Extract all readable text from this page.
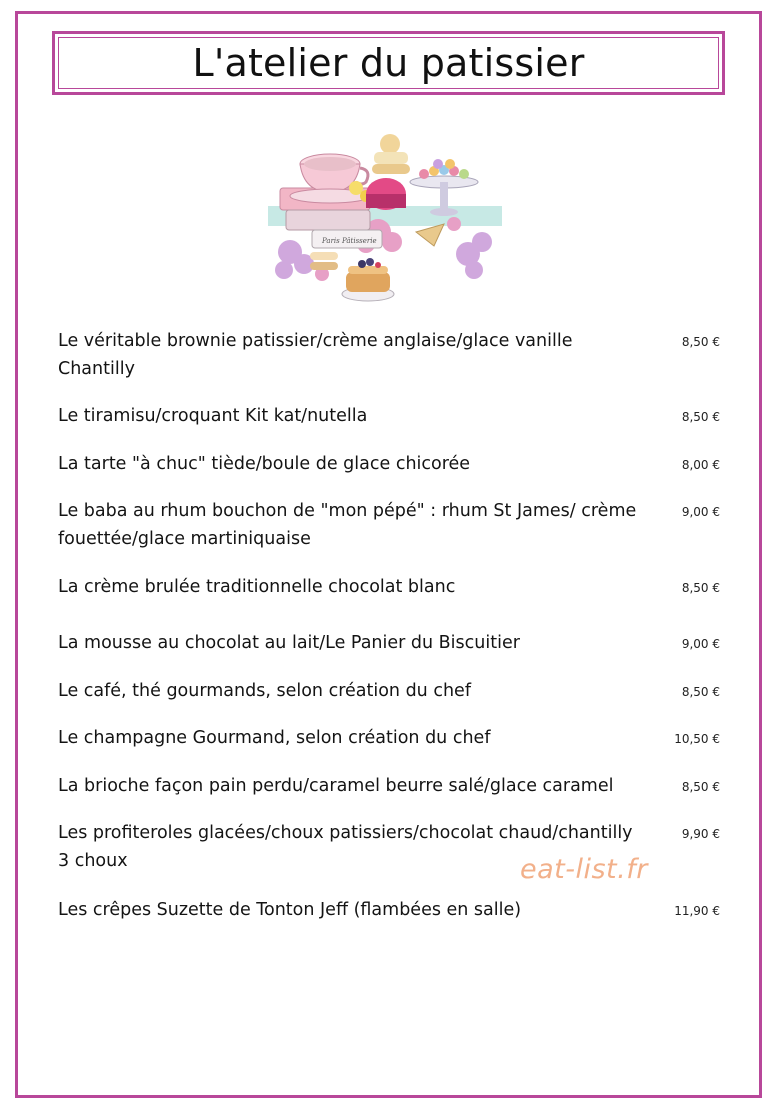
L'atelier du patissier
Paris Pâtisserie
Le véritable brownie patissier/crème anglaise/glace vanille Chantilly
8,50 €
Le tiramisu/croquant Kit kat/nutella	8,50 €
La tarte "à chuc" tiède/boule de glace chicorée	8,00 €
Le baba au rhum bouchon de "mon pépé" : rhum St James/ crème fouettée/glace martiniquaise
9,00 €
La crème brulée traditionnelle chocolat blanc	8,50 €
La mousse au chocolat au lait/Le Panier du Biscuitier	9,00 €
Le café, thé gourmands, selon création du chef	8,50 €
Le champagne Gourmand, selon création du chef	10,50 €
La brioche façon pain perdu/caramel beurre salé/glace caramel	8,50 €
Les profiteroles glacées/choux patissiers/chocolat chaud/chantilly 3 choux
9,90 €
Les crêpes Suzette de Tonton Jeff (flambées en salle)	11,90 €
eat-list.fr
